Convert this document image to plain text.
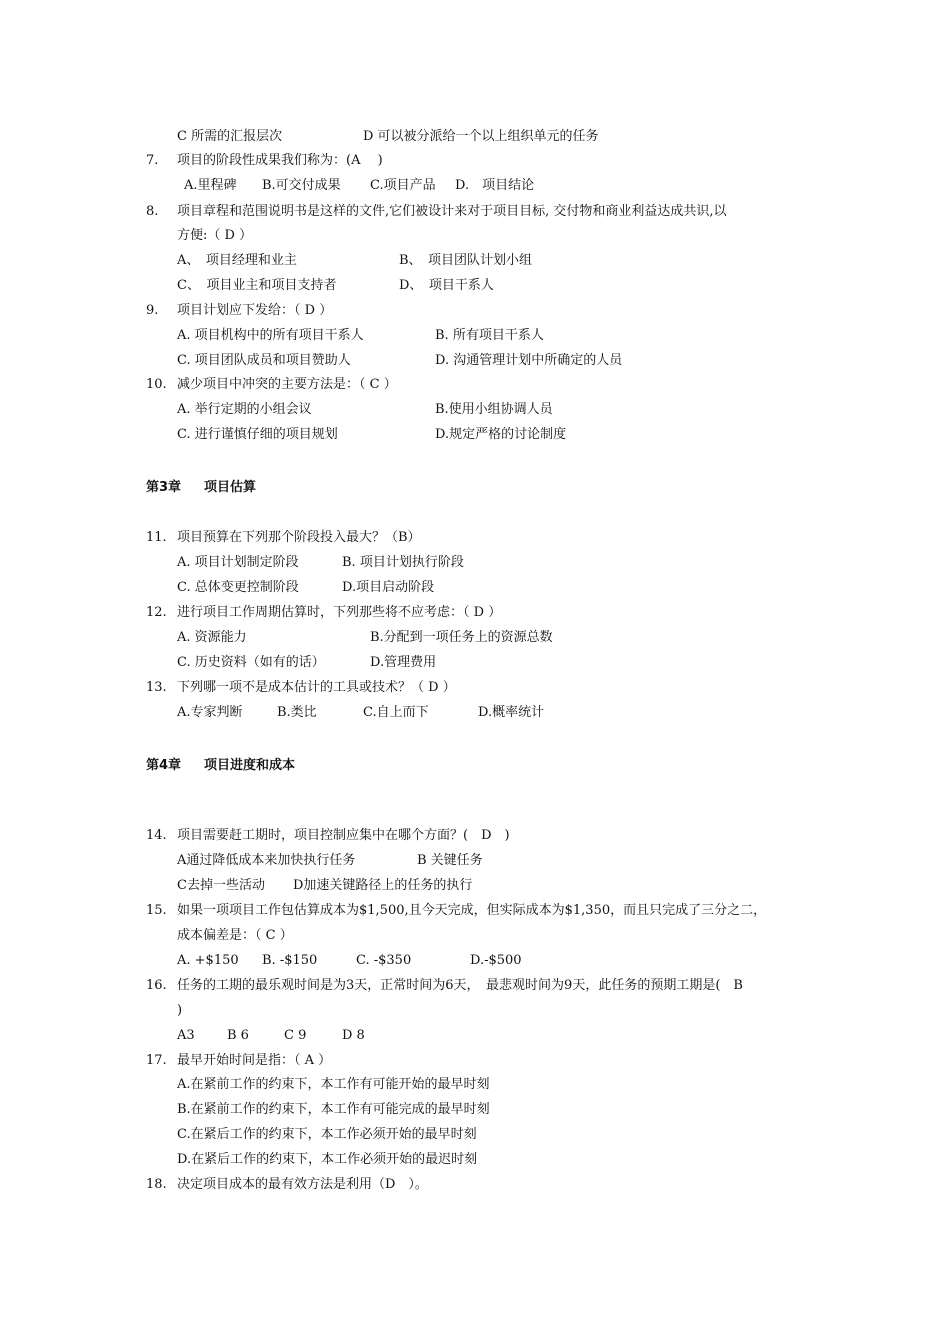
C 所需的汇报层次	D 可以被分派给一个以上组织单元的任务
7. 项目的阶段性成果我们称为：(A　 )
A.里程碑 B.可交付成果 C.项目产品 D.　项目结论
8. 项目章程和范围说明书是这样的文件,它们被设计来对于项目目标, 交付物和商业利益达成共识,以
方便:（ D ）
A、　项目经理和业主	B、　项目团队计划小组
C、　项目业主和项目支持者	D、　项目干系人
9. 项目计划应下发给：（ D ）
A. 项目机构中的所有项目干系人	B. 所有项目干系人
C. 项目团队成员和项目赞助人	D. 沟通管理计划中所确定的人员
10. 减少项目中冲突的主要方法是：（ C ）
A. 举行定期的小组会议	B.使用小组协调人员
C. 进行谨慎仔细的项目规划	D.规定严格的讨论制度
第3章 项目估算
11. 项目预算在下列那个阶段投入最大？（B）
A. 项目计划制定阶段	B. 项目计划执行阶段
C. 总体变更控制阶段	D.项目启动阶段
12. 进行项目工作周期估算时，下列那些将不应考虑：（ D ）
A. 资源能力	B.分配到一项任务上的资源总数
C. 历史资料（如有的话）	D.管理费用
13. 下列哪一项不是成本估计的工具或技术？（ D ）
A.专家判断	B.类比	C.自上而下	D.概率统计
第4章 项目进度和成本
14. 项目需要赶工期时，项目控制应集中在哪个方面？(　D　)
A通过降低成本来加快执行任务	B 关键任务
C去掉一些活动 D加速关键路径上的任务的执行
15. 如果一项项目工作包估算成本为$1,500,且今天完成，但实际成本为$1,350，而且只完成了三分之二，
成本偏差是：（ C ）
A. +$150 B. -$150	C. -$350	D.-$500
16. 任务的工期的最乐观时间是为3天，正常时间为6天，　最悲观时间为9天，此任务的预期工期是(　B
)
A3 B 6	C 9	D 8
17. 最早开始时间是指：（ A ）
A.在紧前工作的约束下，本工作有可能开始的最早时刻
B.在紧前工作的约束下，本工作有可能完成的最早时刻
C.在紧后工作的约束下，本工作必须开始的最早时刻
D.在紧后工作的约束下，本工作必须开始的最迟时刻
18. 决定项目成本的最有效方法是利用（D　）。
